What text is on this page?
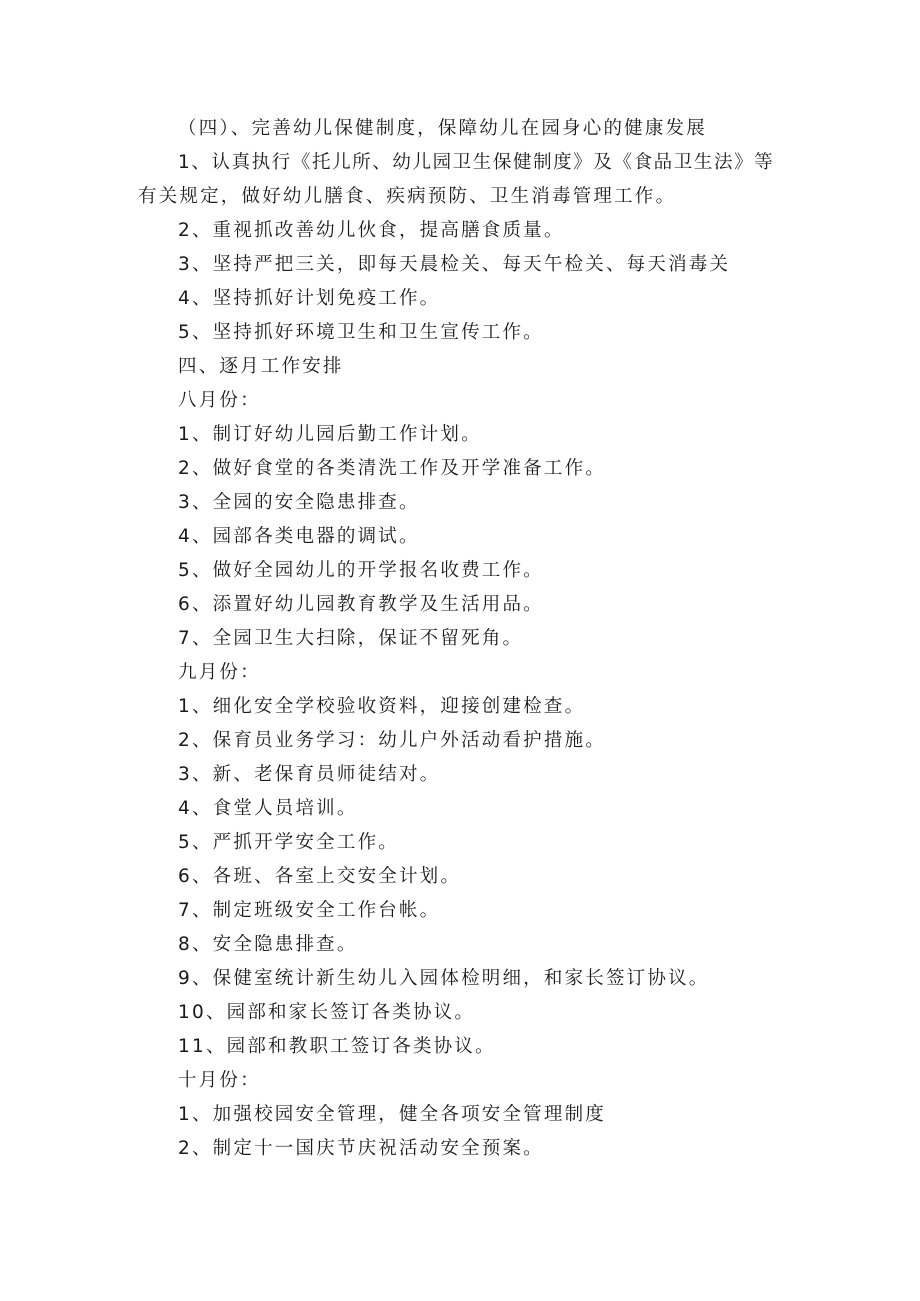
（四）、完善幼儿保健制度，保障幼儿在园身心的健康发展
1、认真执行《托儿所、幼儿园卫生保健制度》及《食品卫生法》等
有关规定，做好幼儿膳食、疾病预防、卫生消毒管理工作。
2、重视抓改善幼儿伙食，提高膳食质量。
3、坚持严把三关，即每天晨检关、每天午检关、每天消毒关
4、坚持抓好计划免疫工作。
5、坚持抓好环境卫生和卫生宣传工作。
四、逐月工作安排
八月份：
1、制订好幼儿园后勤工作计划。
2、做好食堂的各类清洗工作及开学准备工作。
3、全园的安全隐患排查。
4、园部各类电器的调试。
5、做好全园幼儿的开学报名收费工作。
6、添置好幼儿园教育教学及生活用品。
7、全园卫生大扫除，保证不留死角。
九月份：
1、细化安全学校验收资料，迎接创建检查。
2、保育员业务学习：幼儿户外活动看护措施。
3、新、老保育员师徒结对。
4、食堂人员培训。
5、严抓开学安全工作。
6、各班、各室上交安全计划。
7、制定班级安全工作台帐。
8、安全隐患排查。
9、保健室统计新生幼儿入园体检明细，和家长签订协议。
10、园部和家长签订各类协议。
11、园部和教职工签订各类协议。
十月份：
1、加强校园安全管理，健全各项安全管理制度
2、制定十一国庆节庆祝活动安全预案。
